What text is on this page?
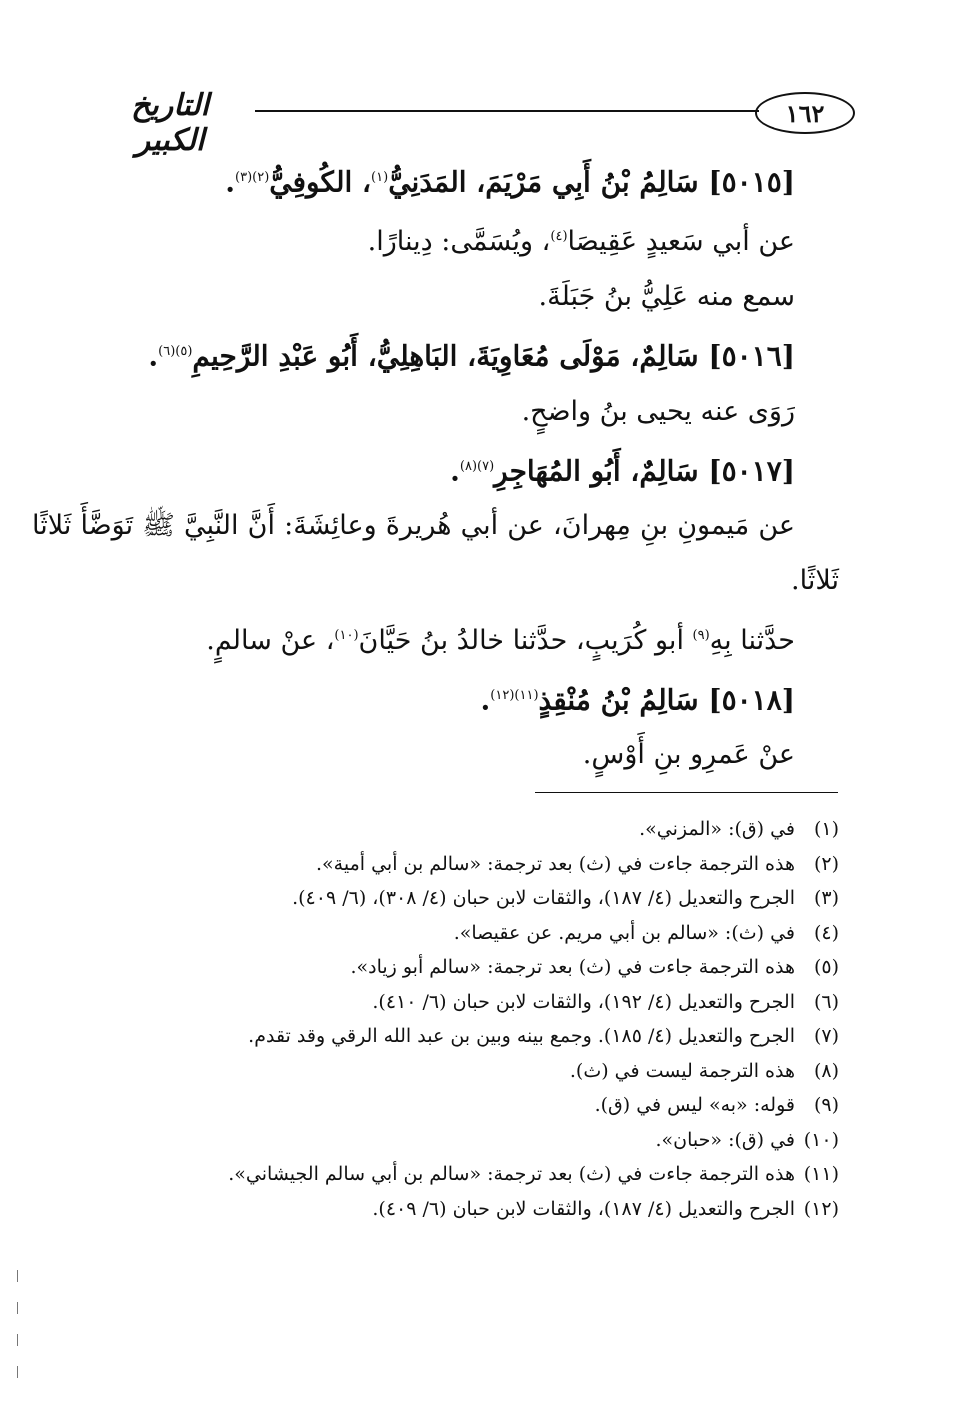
١٦٢
التاريخ الكبير

[٥٠١٥] سَالِمُ بْنُ أَبِي مَرْيَمَ، المَدَنِيُّ$^{(١)}$، الكُوفِيُّ$^{(٢)(٣)}$.

عن أبي سَعيدٍ عَقِيصَا$^{(٤)}$، ويُسَمَّى: دِينارًا.

سمع منه عَلِيُّ بنُ جَبَلَةَ.

[٥٠١٦] سَالِمٌ، مَوْلَى مُعَاوِيَةَ، البَاهِلِيُّ، أَبُو عَبْدِ الرَّحِيمِ$^{(٥)(٦)}$.

رَوَى عنه يحيى بنُ واضحٍ.

[٥٠١٧] سَالِمٌ، أَبُو المُهَاجِرِ$^{(٧)(٨)}$.

عن مَيمونِ بنِ مِهرانَ، عن أبي هُريرةَ وعائِشَةَ: أَنَّ النَّبِيَّ ﷺ تَوَضَّأَ ثَلاثًا

ثَلاثًا.

حدَّثنا بِهِ$^{(٩)}$ أبو كُرَيبٍ، حدَّثنا خالدُ بنُ حَيَّانَ$^{(١٠)}$، عنْ سالمٍ.

[٥٠١٨] سَالِمُ بْنُ مُنْقِذٍ$^{(١١)(١٢)}$.

عنْ عَمرِو بنِ أَوْسٍ.

(١)
في (ق): «المزني».
(٢)
هذه الترجمة جاءت في (ث) بعد ترجمة: «سالم بن أبي أمية».
(٣)
الجرح والتعديل (٤/ ١٨٧)، والثقات لابن حبان (٤/ ٣٠٨)، (٦/ ٤٠٩).
(٤)
في (ث): «سالم بن أبي مريم. عن عقيصا».
(٥)
هذه الترجمة جاءت في (ث) بعد ترجمة: «سالم أبو زياد».
(٦)
الجرح والتعديل (٤/ ١٩٢)، والثقات لابن حبان (٦/ ٤١٠).
(٧)
الجرح والتعديل (٤/ ١٨٥). وجمع بينه وبين بن عبد الله الرقي وقد تقدم.
(٨)
هذه الترجمة ليست في (ث).
(٩)
قوله: «به» ليس في (ق).
(١٠)
في (ق): «حبان».
(١١)
هذه الترجمة جاءت في (ث) بعد ترجمة: «سالم بن أبي سالم الجيشاني».
(١٢)
الجرح والتعديل (٤/ ١٨٧)، والثقات لابن حبان (٦/ ٤٠٩).
